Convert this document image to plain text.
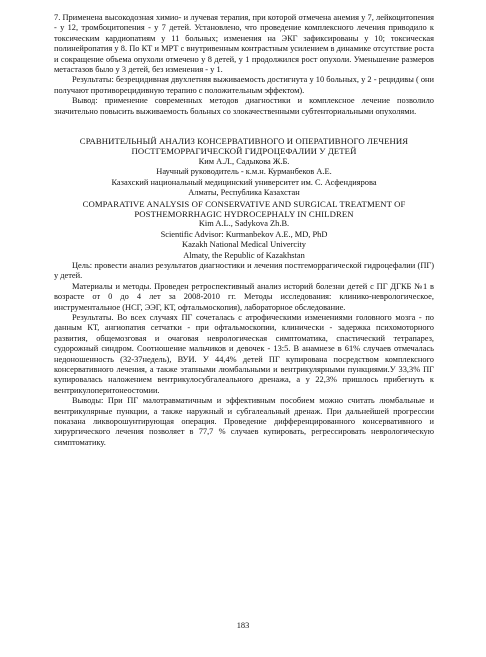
7. Применена высокодозная химио- и лучевая терапия, при которой отмечена анемия у 7, лейкоцитопения - у 12, тромбоцитопения - у 7 детей. Установлено, что проведение комплексного лечения приводило к токсическим кардиопатиям у 11 больных; изменения на ЭКГ зафиксированы у 10; токсическая полинейропатия у 8. По КТ и МРТ с внутривенным контрастным усилением в динамике отсутствие роста и сокращение объема опухоли отмечено у 8 детей, у 1 продолжился рост опухоли. Уменьшение размеров метастазов было у 3 детей, без изменения - у 1.

Результаты: безрецидивная двухлетняя выживаемость достигнута у 10 больных, у 2 - рецидивы ( они получают противорецидивную терапию с положительным эффектом).

Вывод: применение современных методов диагностики и комплексное лечение позволило значительно повысить выживаемость больных со злокачественными субтенториальными опухолями.

СРАВНИТЕЛЬНЫЙ АНАЛИЗ КОНСЕРВАТИВНОГО И ОПЕРАТИВНОГО ЛЕЧЕНИЯ ПОСТГЕМОРРАГИЧЕСКОЙ ГИДРОЦЕФАЛИИ У ДЕТЕЙ

Ким А.Л., Садыкова Ж.Б.

Научный руководитель - к.м.н. Курманбеков А.Е.

Казахский национальный медицинский университет им. С. Асфендиярова

Алматы, Республика Казахстан

COMPARATIVE ANALYSIS OF CONSERVATIVE AND SURGICAL TREATMENT OF POSTHEMORRHAGIC HYDROCEPHALY IN CHILDREN

Kim A.L., Sadykova Zh.B.

Scientific Advisor: Kurmanbekov A.E., MD, PhD

Kazakh National Medical Univercity

Almaty, the Republic of Kazakhstan

Цель: провести анализ результатов диагностики и лечения постгеморрагической гидроцефалии (ПГ) у детей.

Материалы и методы. Проведен ретроспективный анализ историй болезни детей с ПГ ДГКБ №1 в возрасте от 0 до 4 лет за 2008-2010 гг. Методы исследования: клинико-неврологическое, инструментальное (НСГ, ЭЭГ, КТ, офтальмоскопия), лабораторное обследование.

Результаты. Во всех случаях ПГ сочеталась с атрофическими изменениями головного мозга - по данным КТ, ангиопатия сетчатки - при офтальмоскопии, клинически - задержка психомоторного развития, общемозговая и очаговая неврологическая симптоматика, спастический тетрапарез, судорожный синдром. Соотношение мальчиков и девочек - 13:5. В анамнезе в 61% случаев отмечалась недоношенность (32-37недель), ВУИ. У 44,4% детей ПГ купирована посредством комплексного консервативного лечения, а также этапными люмбальными и вентрикулярными пункциями.У 33,3% ПГ купировалась наложением вентрикулосубгалеального дренажа, а у 22,3% пришлось прибегнуть к вентрикулоперитонеостомии.

Выводы: При ПГ малотравматичным и эффективным пособием можно считать люмбальные и вентрикулярные пункции, а также наружный и субгалеальный дренаж. При дальнейшей прогрессии показана ликворошунтирующая операция. Проведение дифференцированного консервативного и хирургического лечения позволяет в 77,7 % случаев купировать, регрессировать неврологическую симптоматику.

183
